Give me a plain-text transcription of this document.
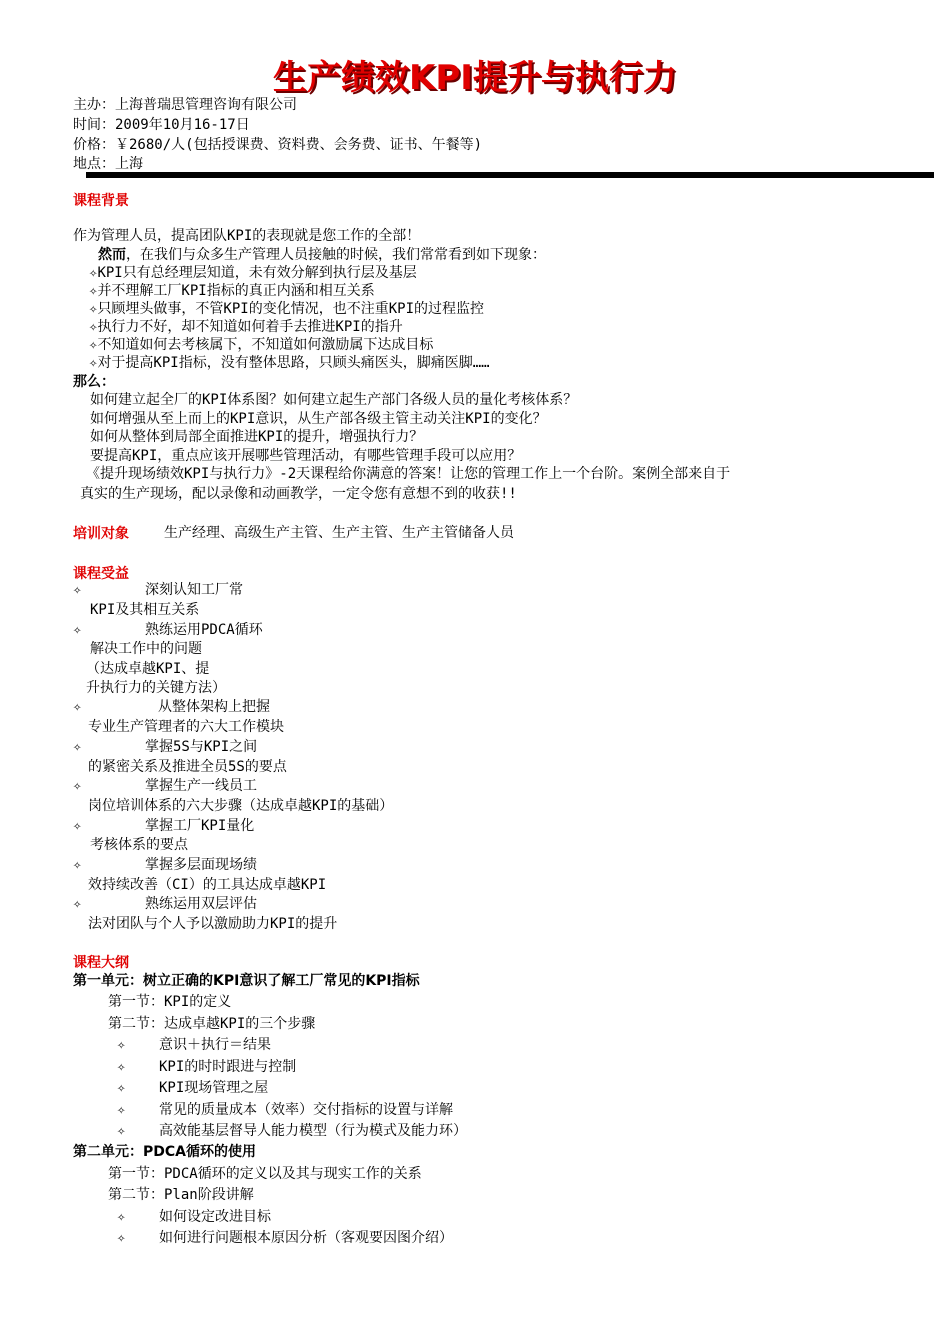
生产绩效KPI提升与执行力
主办：上海普瑞思管理咨询有限公司
时间：2009年10月16-17日
价格：￥2680/人(包括授课费、资料费、会务费、证书、午餐等)
地点：上海
课程背景
作为管理人员，提高团队KPI的表现就是您工作的全部！
然而，在我们与众多生产管理人员接触的时候，我们常常看到如下现象：
✧KPI只有总经理层知道，未有效分解到执行层及基层
✧并不理解工厂KPI指标的真正内涵和相互关系
✧只顾埋头做事，不管KPI的变化情况，也不注重KPI的过程监控
✧执行力不好，却不知道如何着手去推进KPI的指升
✧不知道如何去考核属下，不知道如何激励属下达成目标
✧对于提高KPI指标，没有整体思路，只顾头痛医头，脚痛医脚……
那么：
如何建立起全厂的KPI体系图？如何建立起生产部门各级人员的量化考核体系？
如何增强从至上而上的KPI意识，从生产部各级主管主动关注KPI的变化？
如何从整体到局部全面推进KPI的提升，增强执行力？
要提高KPI，重点应该开展哪些管理活动，有哪些管理手段可以应用？
《提升现场绩效KPI与执行力》-2天课程给你满意的答案！让您的管理工作上一个台阶。案例全部来自于
真实的生产现场，配以录像和动画教学，一定令您有意想不到的收获!!
培训对象	生产经理、高级生产主管、生产主管、生产主管储备人员
课程受益
✧	深刻认知工厂常
KPI及其相互关系
✧	熟练运用PDCA循环
解决工作中的问题
（达成卓越KPI、提
升执行力的关键方法）
✧	从整体架构上把握
专业生产管理者的六大工作模块
✧	掌握5S与KPI之间
的紧密关系及推进全员5S的要点
✧	掌握生产一线员工
岗位培训体系的六大步骤（达成卓越KPI的基础）
✧	掌握工厂KPI量化
考核体系的要点
✧	掌握多层面现场绩
效持续改善（CI）的工具达成卓越KPI
✧	熟练运用双层评估
法对团队与个人予以激励助力KPI的提升
课程大纲
第一单元：树立正确的KPI意识了解工厂常见的KPI指标
第一节：KPI的定义
第二节：达成卓越KPI的三个步骤
✧ 意识＋执行＝结果
✧ KPI的时时跟进与控制
✧ KPI现场管理之屋
✧ 常见的质量成本（效率）交付指标的设置与详解
✧ 高效能基层督导人能力模型（行为模式及能力环）
第二单元：PDCA循环的使用
第一节：PDCA循环的定义以及其与现实工作的关系
第二节：Plan阶段讲解
✧ 如何设定改进目标
✧ 如何进行问题根本原因分析（客观要因图介绍）
